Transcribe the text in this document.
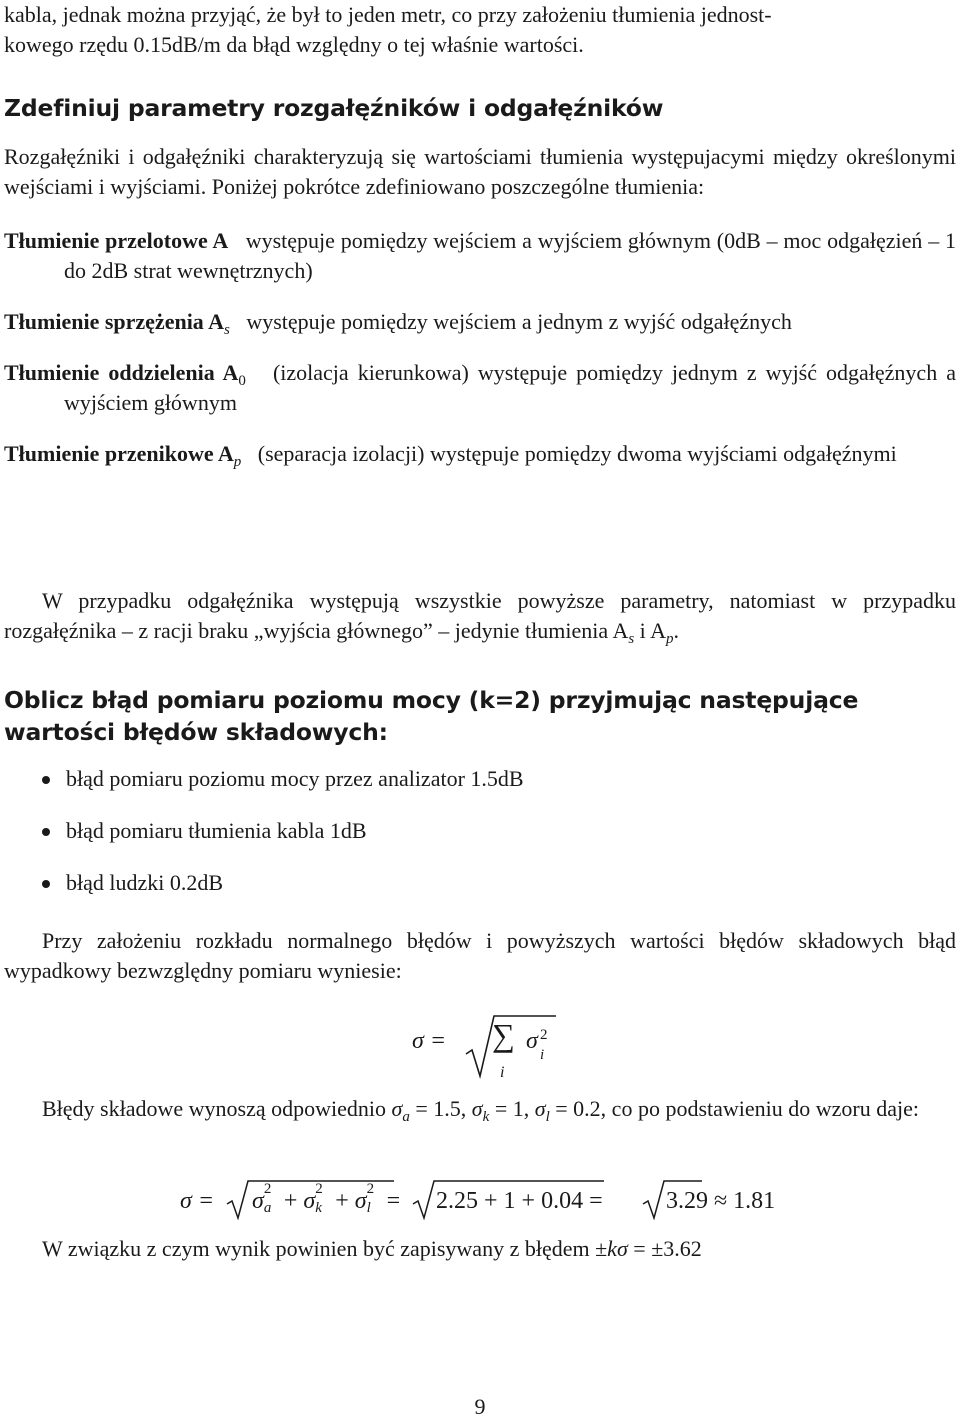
kabla, jednak można przyjąć, że był to jeden metr, co przy założeniu tłumienia jednost-
kowego rzędu 0.15dB/m da błąd względny o tej właśnie wartości.
Zdefiniuj parametry rozgałęźników i odgałęźników

Rozgałęźniki i odgałęźniki charakteryzują się wartościami tłumienia występujacymi między określonymi wejściami i wyjściami. Poniżej pokrótce zdefiniowano poszczególne tłumienia:

Tłumienie przelotowe A występuje pomiędzy wejściem a wyjściem głównym (0dB – moc odgałęzień – 1 do 2dB strat wewnętrznych)

Tłumienie sprzężenia $A_s$ występuje pomiędzy wejściem a jednym z wyjść odgałęźnych

Tłumienie oddzielenia $A_0$ (izolacja kierunkowa) występuje pomiędzy jednym z wyjść odgałęźnych a wyjściem głównym

Tłumienie przenikowe $A_p$ (separacja izolacji) występuje pomiędzy dwoma wyjściami odgałęźnymi

W przypadku odgałęźnika występują wszystkie powyższe parametry, natomiast w przypadku rozgałęźnika – z racji braku „wyjścia głównego” – jedynie tłumienia $A_s$ i $A_p$.

Oblicz błąd pomiaru poziomu mocy (k=2) przyjmując następujące wartości błędów składowych:
błąd pomiaru poziomu mocy przez analizator 1.5dB
błąd pomiaru tłumienia kabla 1dB
błąd ludzki 0.2dB

Przy założeniu rozkładu normalnego błędów i powyższych wartości błędów składowych błąd wypadkowy bezwzględny pomiaru wyniesie:

σ = ∑
i
σ 2
i

Błędy składowe wynoszą odpowiednio $\sigma_a = 1.5$, $\sigma_k = 1$, $\sigma_l = 0.2$, co po podstawieniu do wzoru daje:

σ = σ 2
a + σ 2
k + σ 2
l = 2.25 + 1 + 0.04 =	3.29 ≈ 1.81

W związku z czym wynik powinien być zapisywany z błędem ±kσ = ±3.62

9
